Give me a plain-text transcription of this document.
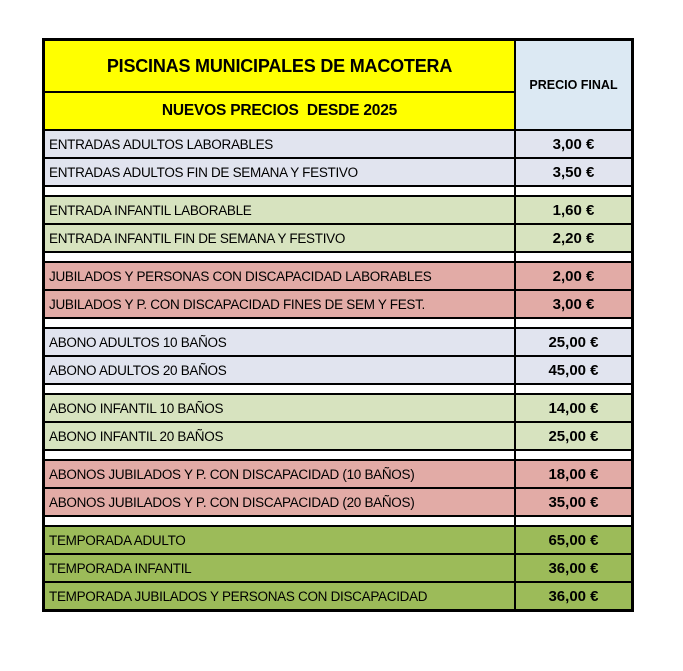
PISCINAS MUNICIPALES DE MACOTERA
NUEVOS PRECIOS  DESDE 2025
PRECIO FINAL
ENTRADAS ADULTOS LABORABLES	3,00 €
ENTRADAS ADULTOS FIN DE SEMANA Y FESTIVO	3,50 €
ENTRADA INFANTIL LABORABLE	1,60 €
ENTRADA INFANTIL FIN DE SEMANA Y FESTIVO	2,20 €
JUBILADOS Y PERSONAS CON DISCAPACIDAD LABORABLES	2,00 €
JUBILADOS Y P. CON DISCAPACIDAD FINES DE SEM Y FEST.	3,00 €
ABONO ADULTOS 10 BAÑOS	25,00 €
ABONO ADULTOS 20 BAÑOS	45,00 €
ABONO INFANTIL 10 BAÑOS	14,00 €
ABONO INFANTIL 20 BAÑOS	25,00 €
ABONOS JUBILADOS Y P. CON DISCAPACIDAD (10 BAÑOS)	18,00 €
ABONOS JUBILADOS Y P. CON DISCAPACIDAD (20 BAÑOS)	35,00 €
TEMPORADA ADULTO	65,00 €
TEMPORADA INFANTIL	36,00 €
TEMPORADA JUBILADOS Y PERSONAS CON DISCAPACIDAD	36,00 €
